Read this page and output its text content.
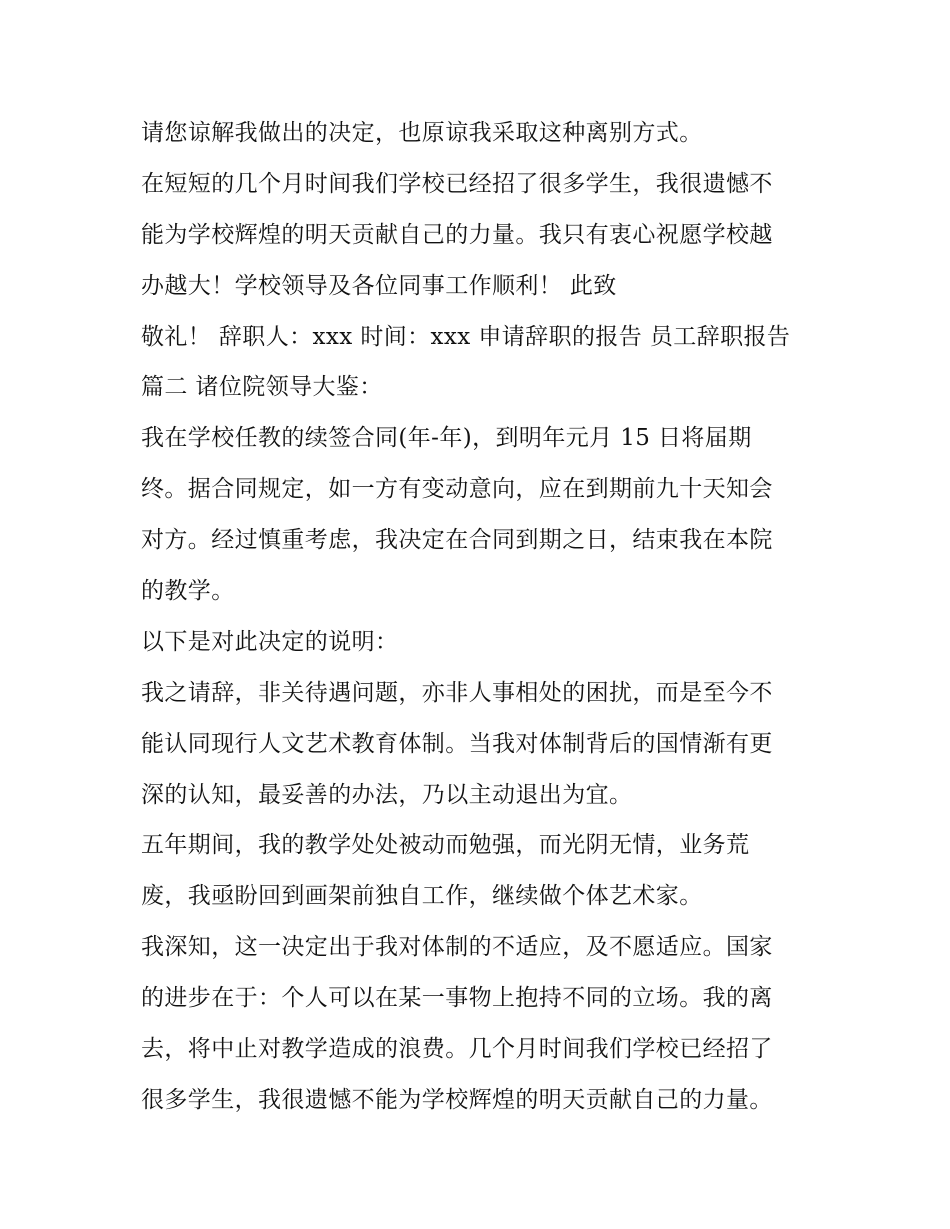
请您谅解我做出的决定，也原谅我采取这种离别方式。
在短短的几个月时间我们学校已经招了很多学生，我很遗憾不
能为学校辉煌的明天贡献自己的力量。我只有衷心祝愿学校越
办越大！学校领导及各位同事工作顺利！ 此致
敬礼！ 辞职人：xxx 时间：xxx 申请辞职的报告 员工辞职报告
篇二 诸位院领导大鉴：
我在学校任教的续签合同(年-年)，到明年元月 15 日将届期
终。据合同规定，如一方有变动意向，应在到期前九十天知会
对方。经过慎重考虑，我决定在合同到期之日，结束我在本院
的教学。
以下是对此决定的说明：
我之请辞，非关待遇问题，亦非人事相处的困扰，而是至今不
能认同现行人文艺术教育体制。当我对体制背后的国情渐有更
深的认知，最妥善的办法，乃以主动退出为宜。
五年期间，我的教学处处被动而勉强，而光阴无情，业务荒
废，我亟盼回到画架前独自工作，继续做个体艺术家。
我深知，这一决定出于我对体制的不适应，及不愿适应。国家
的进步在于：个人可以在某一事物上抱持不同的立场。我的离
去，将中止对教学造成的浪费。几个月时间我们学校已经招了
很多学生，我很遗憾不能为学校辉煌的明天贡献自己的力量。
